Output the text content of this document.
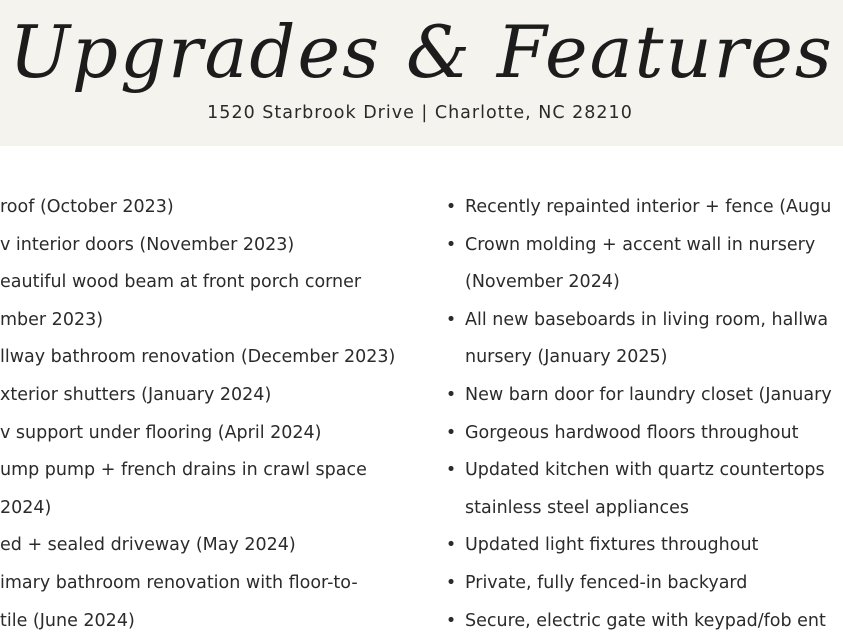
Upgrades & Features
1520 Starbrook Drive | Charlotte, NC 28210
roof (October 2023)
v interior doors (November 2023)
eautiful wood beam at front porch corner
mber 2023)
llway bathroom renovation (December 2023)
xterior shutters (January 2024)
v support under flooring (April 2024)
ump pump + french drains in crawl space
2024)
ed + sealed driveway (May 2024)
imary bathroom renovation with floor-to-
tile (June 2024)
• Recently repainted interior + fence (Augu
• Crown molding + accent wall in nursery
(November 2024)
• All new baseboards in living room, hallwa
nursery (January 2025)
• New barn door for laundry closet (January
• Gorgeous hardwood floors throughout
• Updated kitchen with quartz countertops
stainless steel appliances
• Updated light fixtures throughout
• Private, fully fenced-in backyard
• Secure, electric gate with keypad/fob ent
